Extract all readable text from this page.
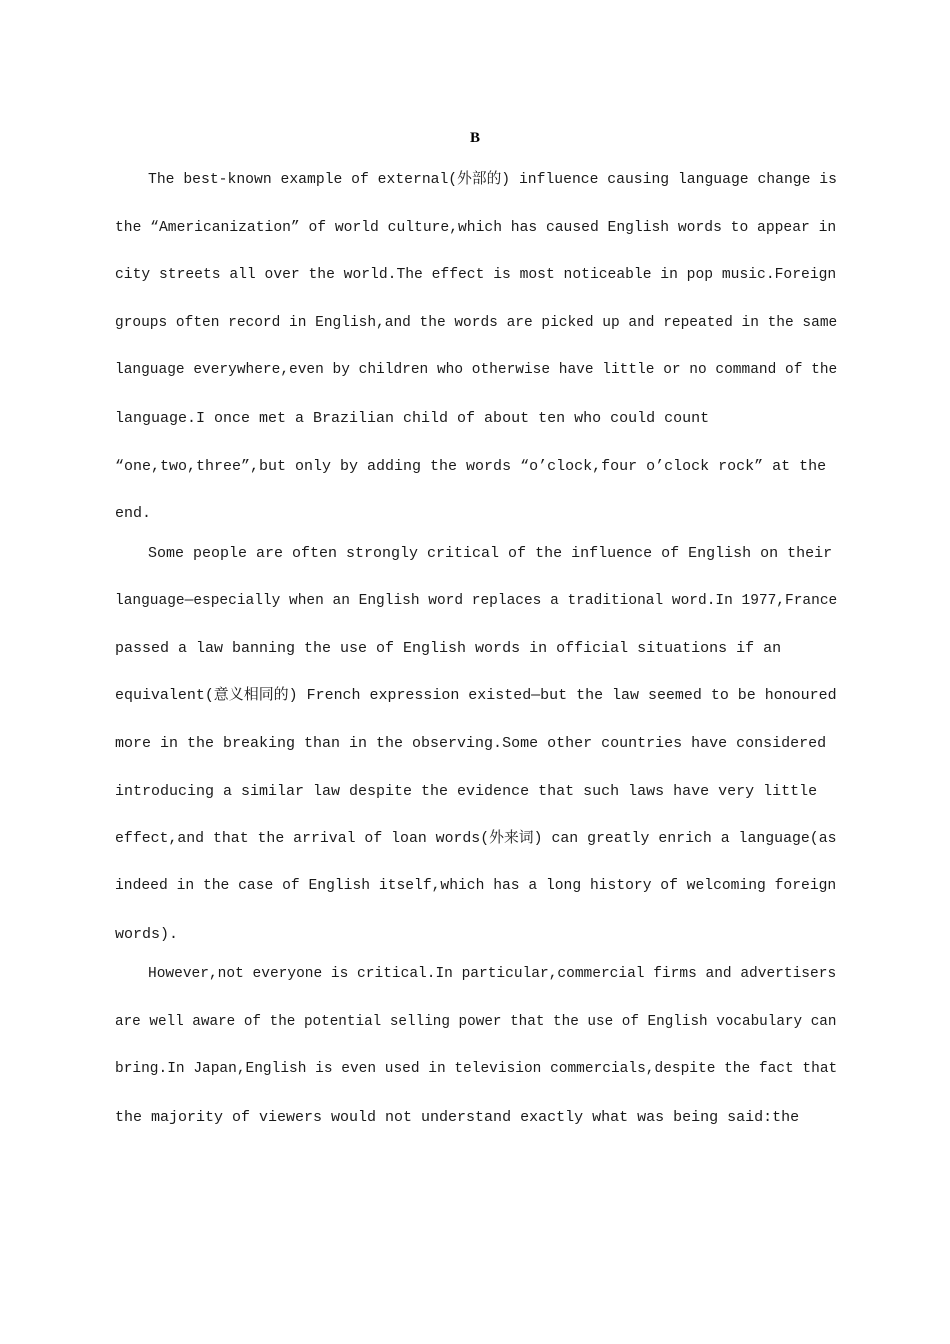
B
The best-known example of external(外部的) influence causing language change is
the “Americanization” of world culture,which has caused English words to appear in
city streets all over the world.The effect is most noticeable in pop music.Foreign
groups often record in English,and the words are picked up and repeated in the same
language everywhere,even by children who otherwise have little or no command of the
language.I once met a Brazilian child of about ten who could count
“one,two,three”,but only by adding the words “o’clock,four o’clock rock” at the
end.
Some people are often strongly critical of the influence of English on their
language—especially when an English word replaces a traditional word.In 1977,France
passed a law banning the use of English words in official situations if an
equivalent(意义相同的) French expression existed—but the law seemed to be honoured
more in the breaking than in the observing.Some other countries have considered
introducing a similar law despite the evidence that such laws have very little
effect,and that the arrival of loan words(外来词) can greatly enrich a language(as
indeed in the case of English itself,which has a long history of welcoming foreign
words).
However,not everyone is critical.In particular,commercial firms and advertisers
are well aware of the potential selling power that the use of English vocabulary can
bring.In Japan,English is even used in television commercials,despite the fact that
the majority of viewers would not understand exactly what was being said:the
